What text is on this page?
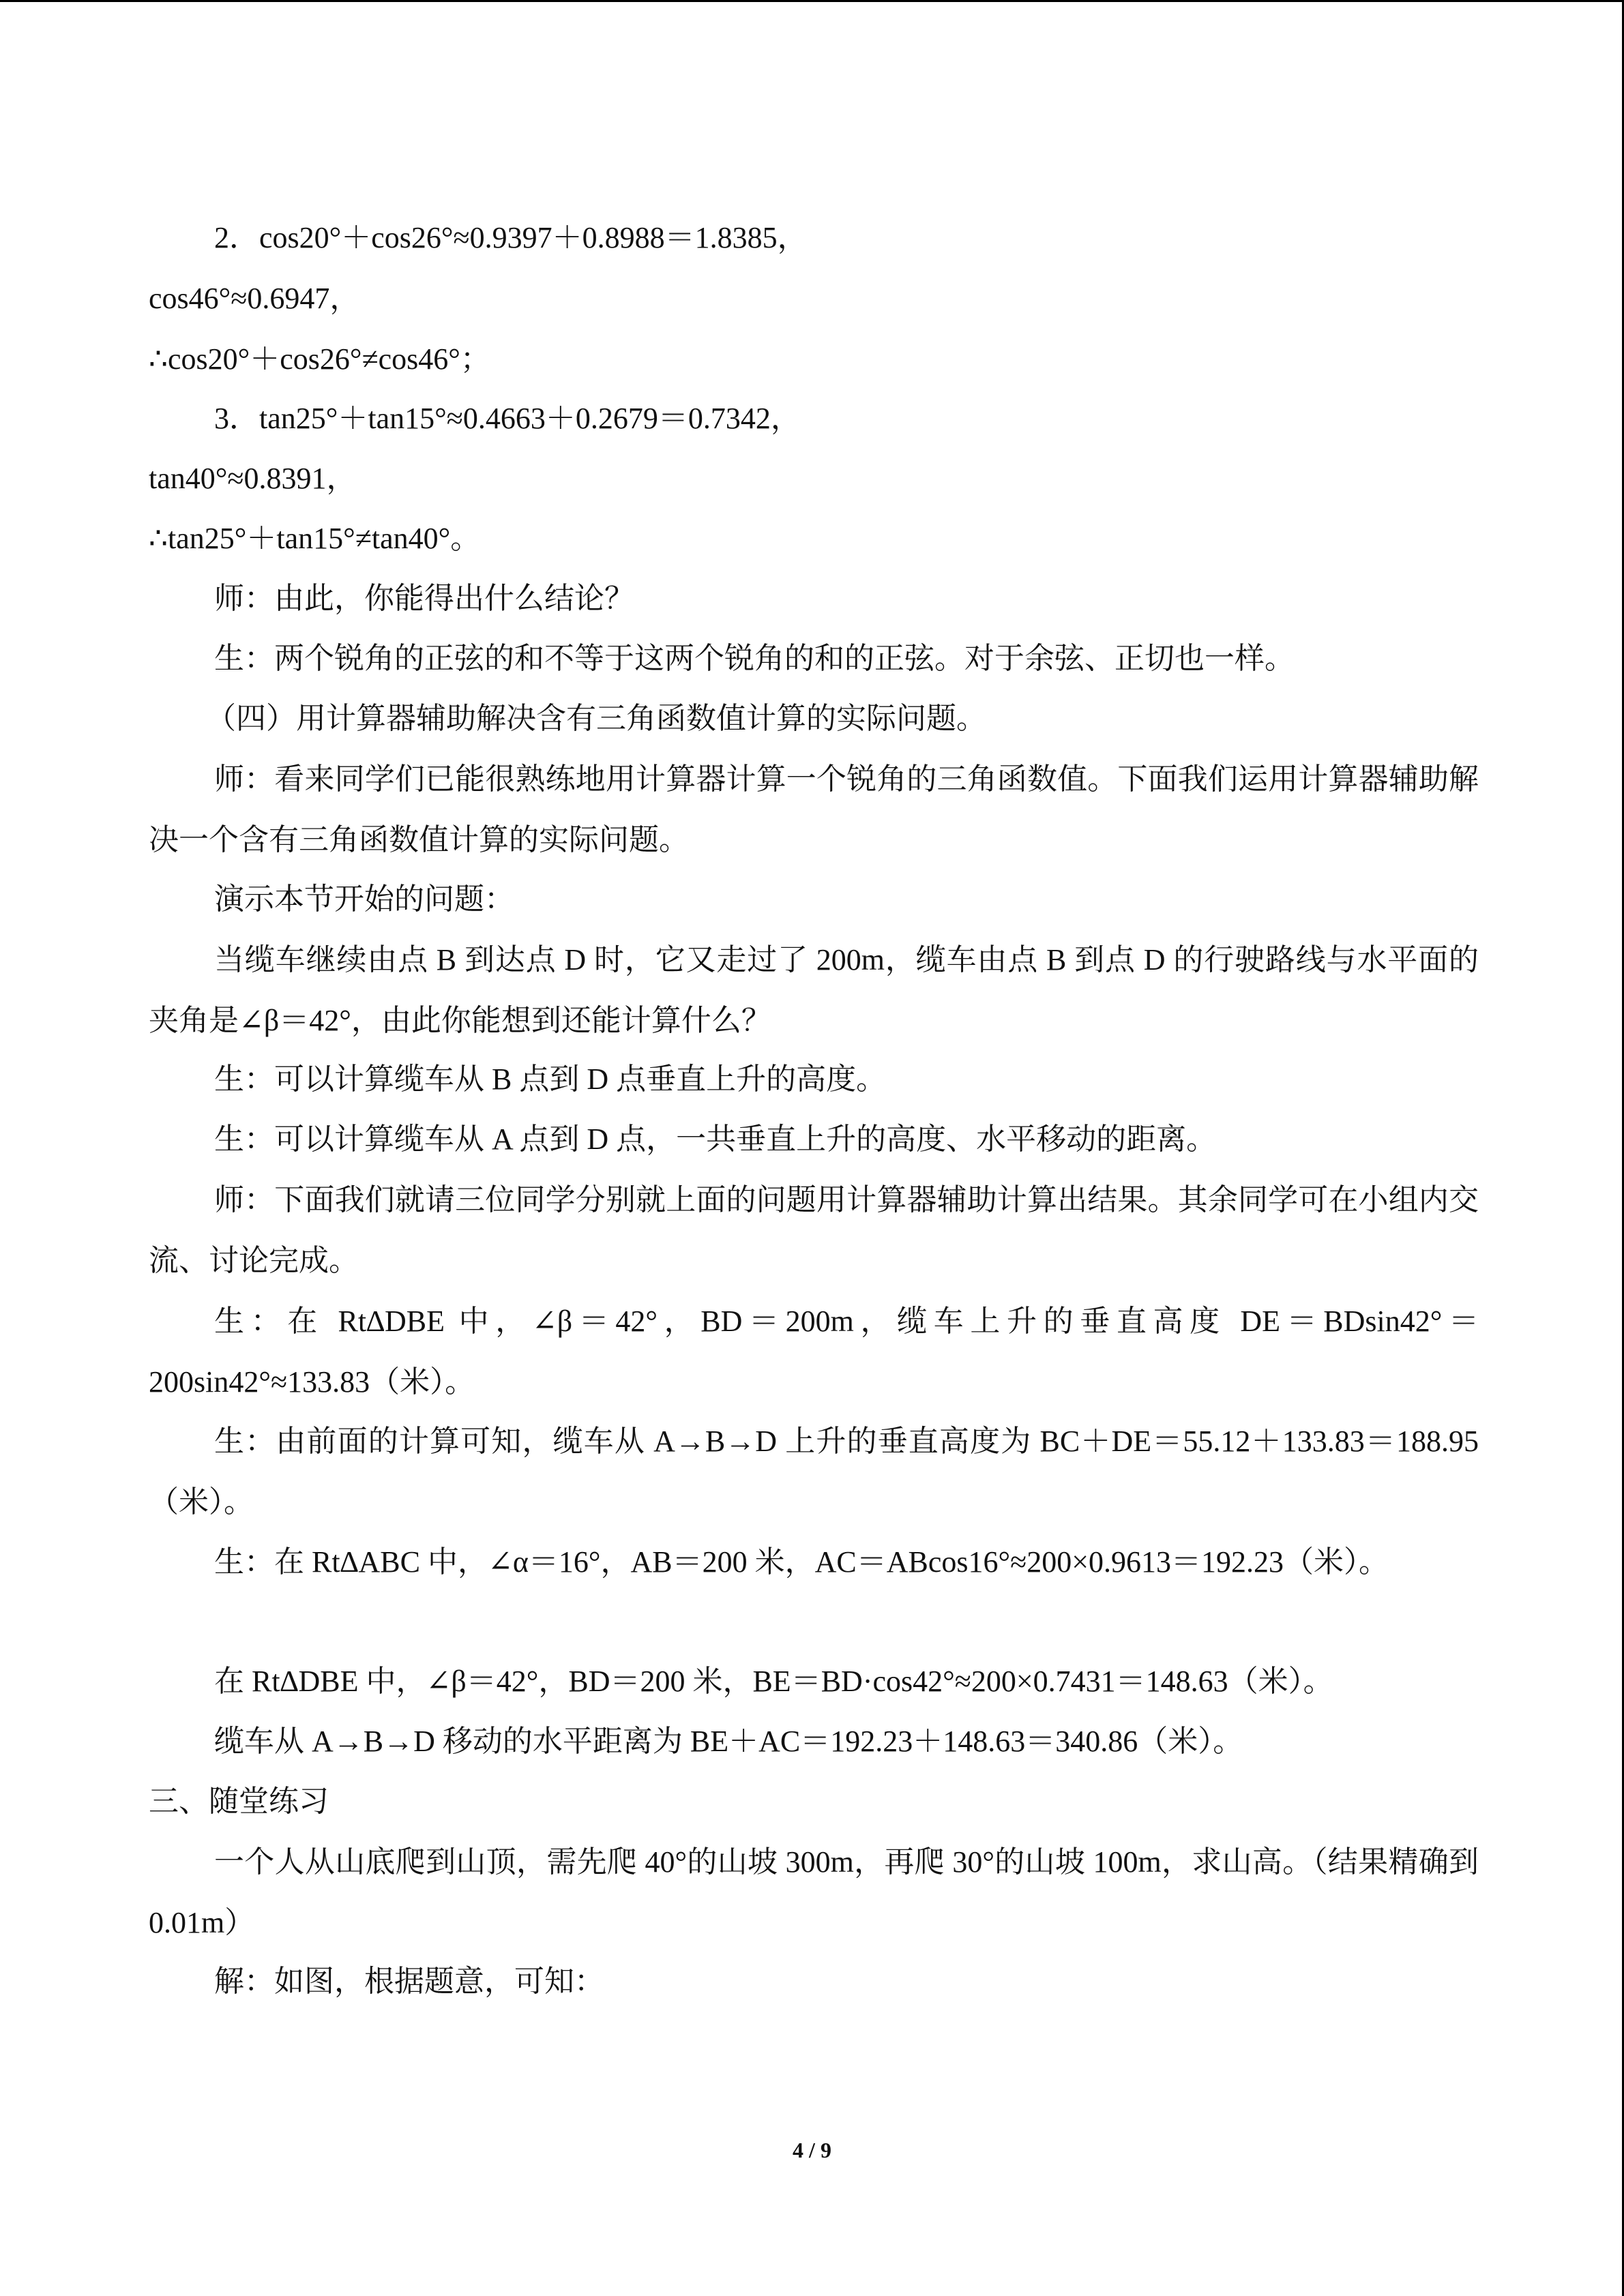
2．cos20°＋cos26°≈0.9397＋0.8988＝1.8385，
cos46°≈0.6947，
∴cos20°＋cos26°≠cos46°；
3．tan25°＋tan15°≈0.4663＋0.2679＝0.7342，
tan40°≈0.8391，
∴tan25°＋tan15°≠tan40°。
师：由此，你能得出什么结论？
生：两个锐角的正弦的和不等于这两个锐角的和的正弦。对于余弦、正切也一样。
（四）用计算器辅助解决含有三角函数值计算的实际问题。
师：看来同学们已能很熟练地用计算器计算一个锐角的三角函数值。下面我们运用计算器辅助解决一个含有三角函数值计算的实际问题。
演示本节开始的问题：
当缆车继续由点 B 到达点 D 时，它又走过了 200m，缆车由点 B 到点 D 的行驶路线与水平面的夹角是∠β＝42°，由此你能想到还能计算什么？
生：可以计算缆车从 B 点到 D 点垂直上升的高度。
生：可以计算缆车从 A 点到 D 点，一共垂直上升的高度、水平移动的距离。
师：下面我们就请三位同学分别就上面的问题用计算器辅助计算出结果。其余同学可在小组内交流、讨论完成。
生：在 Rt∆DBE 中，∠β＝42°，BD＝200m，缆车上升的垂直高度 DE＝BDsin42°＝200sin42°≈133.83（米）。
生：由前面的计算可知，缆车从 A→B→D 上升的垂直高度为 BC＋DE＝55.12＋133.83＝188.95（米）。
生：在 Rt∆ABC 中，∠α＝16°，AB＝200 米，AC＝ABcos16°≈200×0.9613＝192.23（米）。
在 Rt∆DBE 中，∠β＝42°，BD＝200 米，BE＝BD·cos42°≈200×0.7431＝148.63（米）。
缆车从 A→B→D 移动的水平距离为 BE＋AC＝192.23＋148.63＝340.86（米）。
三、随堂练习
一个人从山底爬到山顶，需先爬 40°的山坡 300m，再爬 30°的山坡 100m，求山高。（结果精确到 0.01m）
解：如图，根据题意，可知：
4 / 9
